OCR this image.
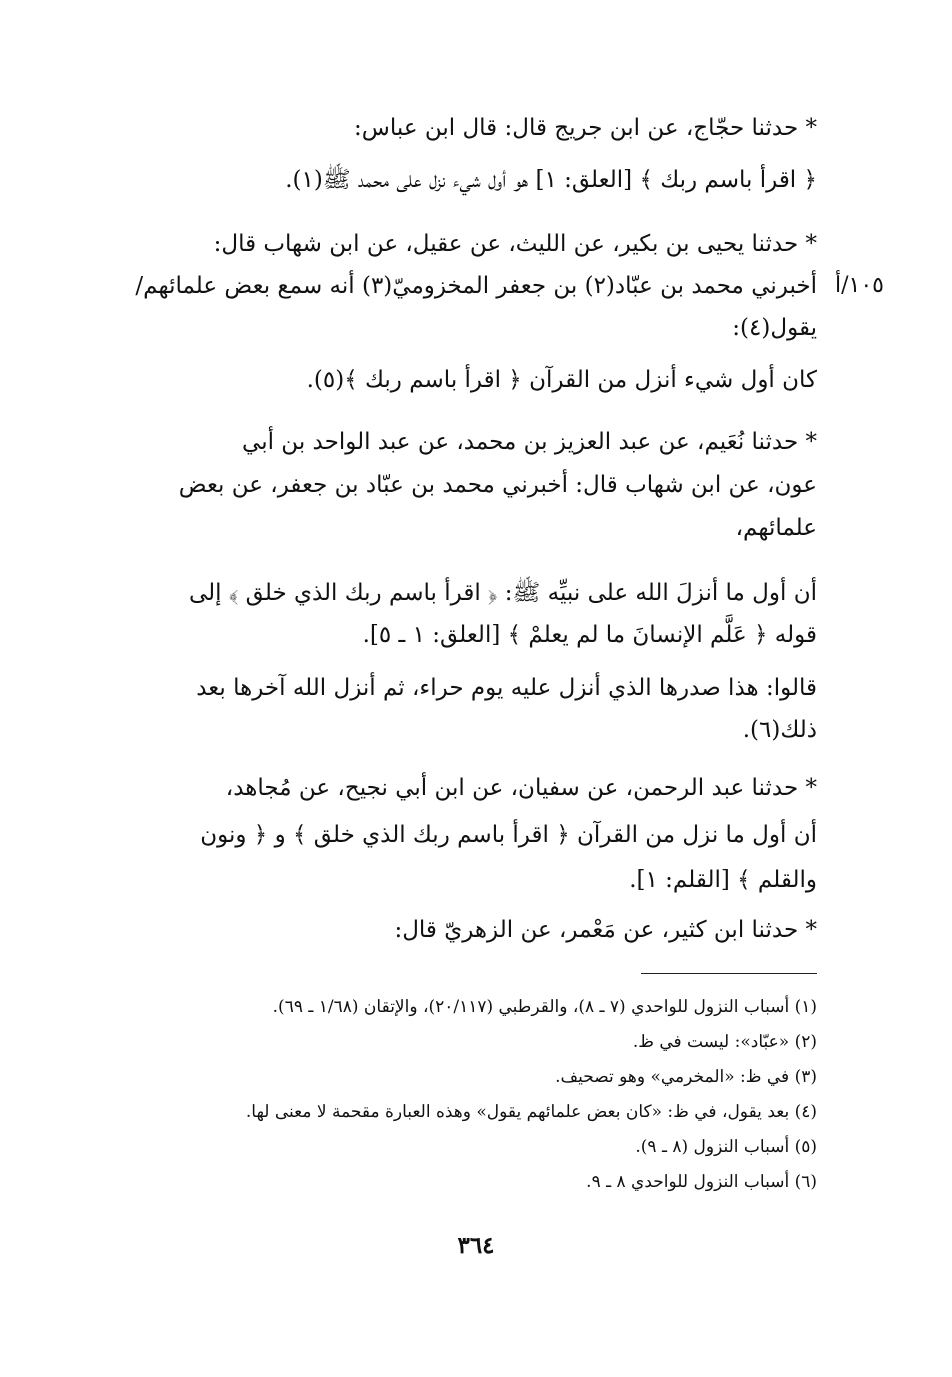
* حدثنا حجّاج، عن ابن جريج قال: قال ابن عباس:
﴿ اقرأ باسم ربك ﴾ [العلق: ١] هو أول شيء نزل على محمد ﷺ(١).
* حدثنا يحيى بن بكير، عن الليث، عن عقيل، عن ابن شهاب قال:
١٠٥/أ
أخبرني محمد بن عبّاد(٢) بن جعفر المخزوميّ(٣) أنه سمع بعض علمائهم/
يقول(٤):
كان أول شيء أنزل من القرآن ﴿ اقرأ باسم ربك ﴾(٥).
* حدثنا نُعَيم، عن عبد العزيز بن محمد، عن عبد الواحد بن أبي
عون، عن ابن شهاب قال: أخبرني محمد بن عبّاد بن جعفر، عن بعض
علمائهم،
أن أول ما أنزلَ الله على نبيِّه ﷺ: ﴿ اقرأ باسم ربك الذي خلق ﴾ إلى
قوله ﴿ عَلَّم الإنسانَ ما لم يعلمْ ﴾ [العلق: ١ ـ ٥].
قالوا: هذا صدرها الذي أنزل عليه يوم حراء، ثم أنزل الله آخرها بعد
ذلك(٦).
* حدثنا عبد الرحمن، عن سفيان، عن ابن أبي نجيح، عن مُجاهد،
أن أول ما نزل من القرآن ﴿ اقرأ باسم ربك الذي خلق ﴾ و ﴿ ونون
والقلم ﴾ [القلم: ١].
* حدثنا ابن كثير، عن مَعْمر، عن الزهريّ قال:
(١) أسباب النزول للواحدي (٧ ـ ٨)، والقرطبي (٢٠/١١٧)، والإتقان (١/٦٨ ـ ٦٩).
(٢) «عبّاد»: ليست في ظ.
(٣) في ظ: «المخرمي» وهو تصحيف.
(٤) بعد يقول، في ظ: «كان بعض علمائهم يقول» وهذه العبارة مقحمة لا معنى لها.
(٥) أسباب النزول (٨ ـ ٩).
(٦) أسباب النزول للواحدي ٨ ـ ٩.
٣٦٤
